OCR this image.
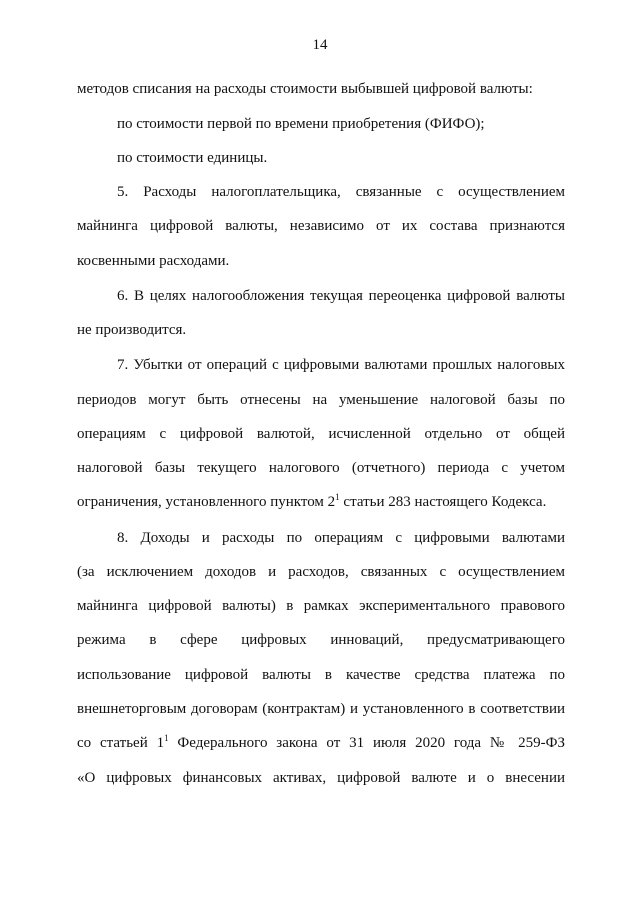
14
методов списания на расходы стоимости выбывшей цифровой валюты:
по стоимости первой по времени приобретения (ФИФО);
по стоимости единицы.
5. Расходы налогоплательщика, связанные с осуществлением
майнинга цифровой валюты, независимо от их состава признаются
косвенными расходами.
6. В целях налогообложения текущая переоценка цифровой валюты
не производится.
7. Убытки от операций с цифровыми валютами прошлых налоговых
периодов могут быть отнесены на уменьшение налоговой базы по
операциям с цифровой валютой, исчисленной отдельно от общей
налоговой базы текущего налогового (отчетного) периода с учетом
ограничения, установленного пунктом $2^1$ статьи 283 настоящего Кодекса.
8. Доходы и расходы по операциям с цифровыми валютами
(за исключением доходов и расходов, связанных с осуществлением
майнинга цифровой валюты) в рамках экспериментального правового
режима в сфере цифровых инноваций, предусматривающего
использование цифровой валюты в качестве средства платежа по
внешнеторговым договорам (контрактам) и установленного в соответствии
со статьей $1^1$ Федерального закона от 31 июля 2020 года № 259-ФЗ
«О цифровых финансовых активах, цифровой валюте и о внесении
